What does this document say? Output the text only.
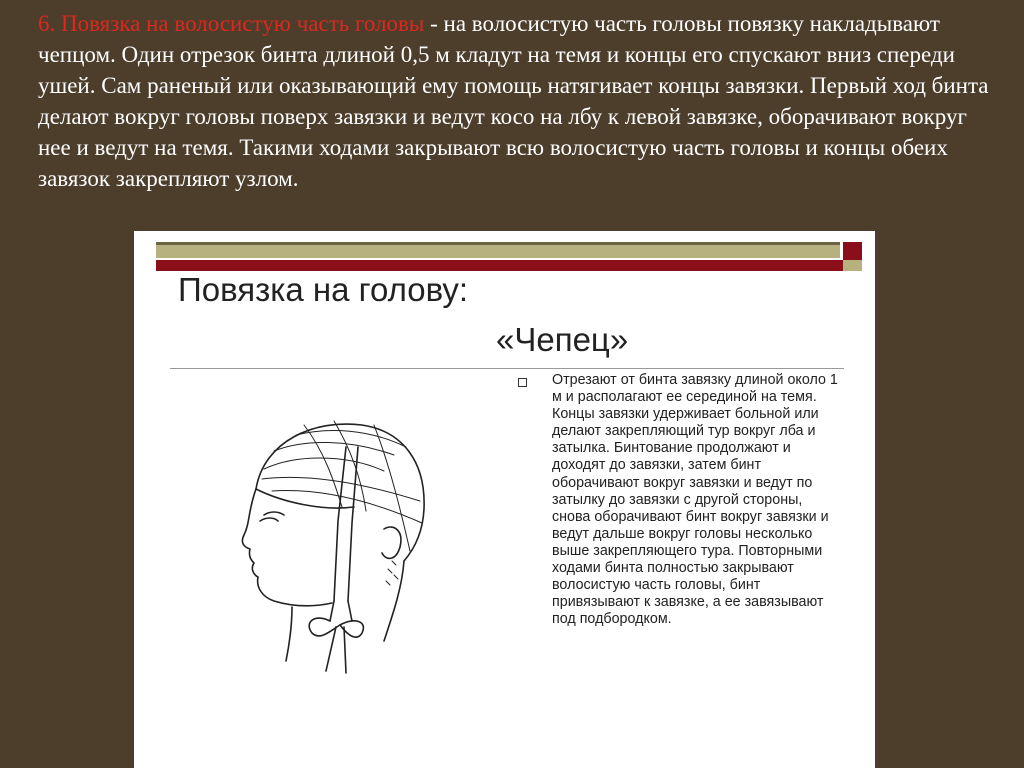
6. Повязка на волосистую часть головы - на волосистую часть головы повязку накладывают чепцом. Один отрезок бинта длиной 0,5 м кладут на темя и концы его спускают вниз спереди ушей. Сам раненый или оказывающий ему помощь натягивает концы завязки. Первый ход бинта делают вокруг головы поверх завязки и ведут косо на лбу к левой завязке, оборачивают вокруг нее и ведут на темя. Такими ходами закрывают всю волосистую часть головы и концы обеих завязок закрепляют узлом.
Повязка на голову:
«Чепец»
Отрезают от бинта завязку длиной около 1 м и располагают ее серединой на темя. Концы завязки удерживает больной или делают закрепляющий тур вокруг лба и затылка. Бинтование продолжают и доходят до завязки, затем бинт оборачивают вокруг завязки и ведут по затылку до завязки с другой стороны, снова оборачивают бинт вокруг завязки и ведут дальше вокруг головы несколько выше закрепляющего тура. Повторными ходами бинта полностью закрывают волосистую часть головы, бинт привязывают к завязке, а ее завязывают под подбородком.
